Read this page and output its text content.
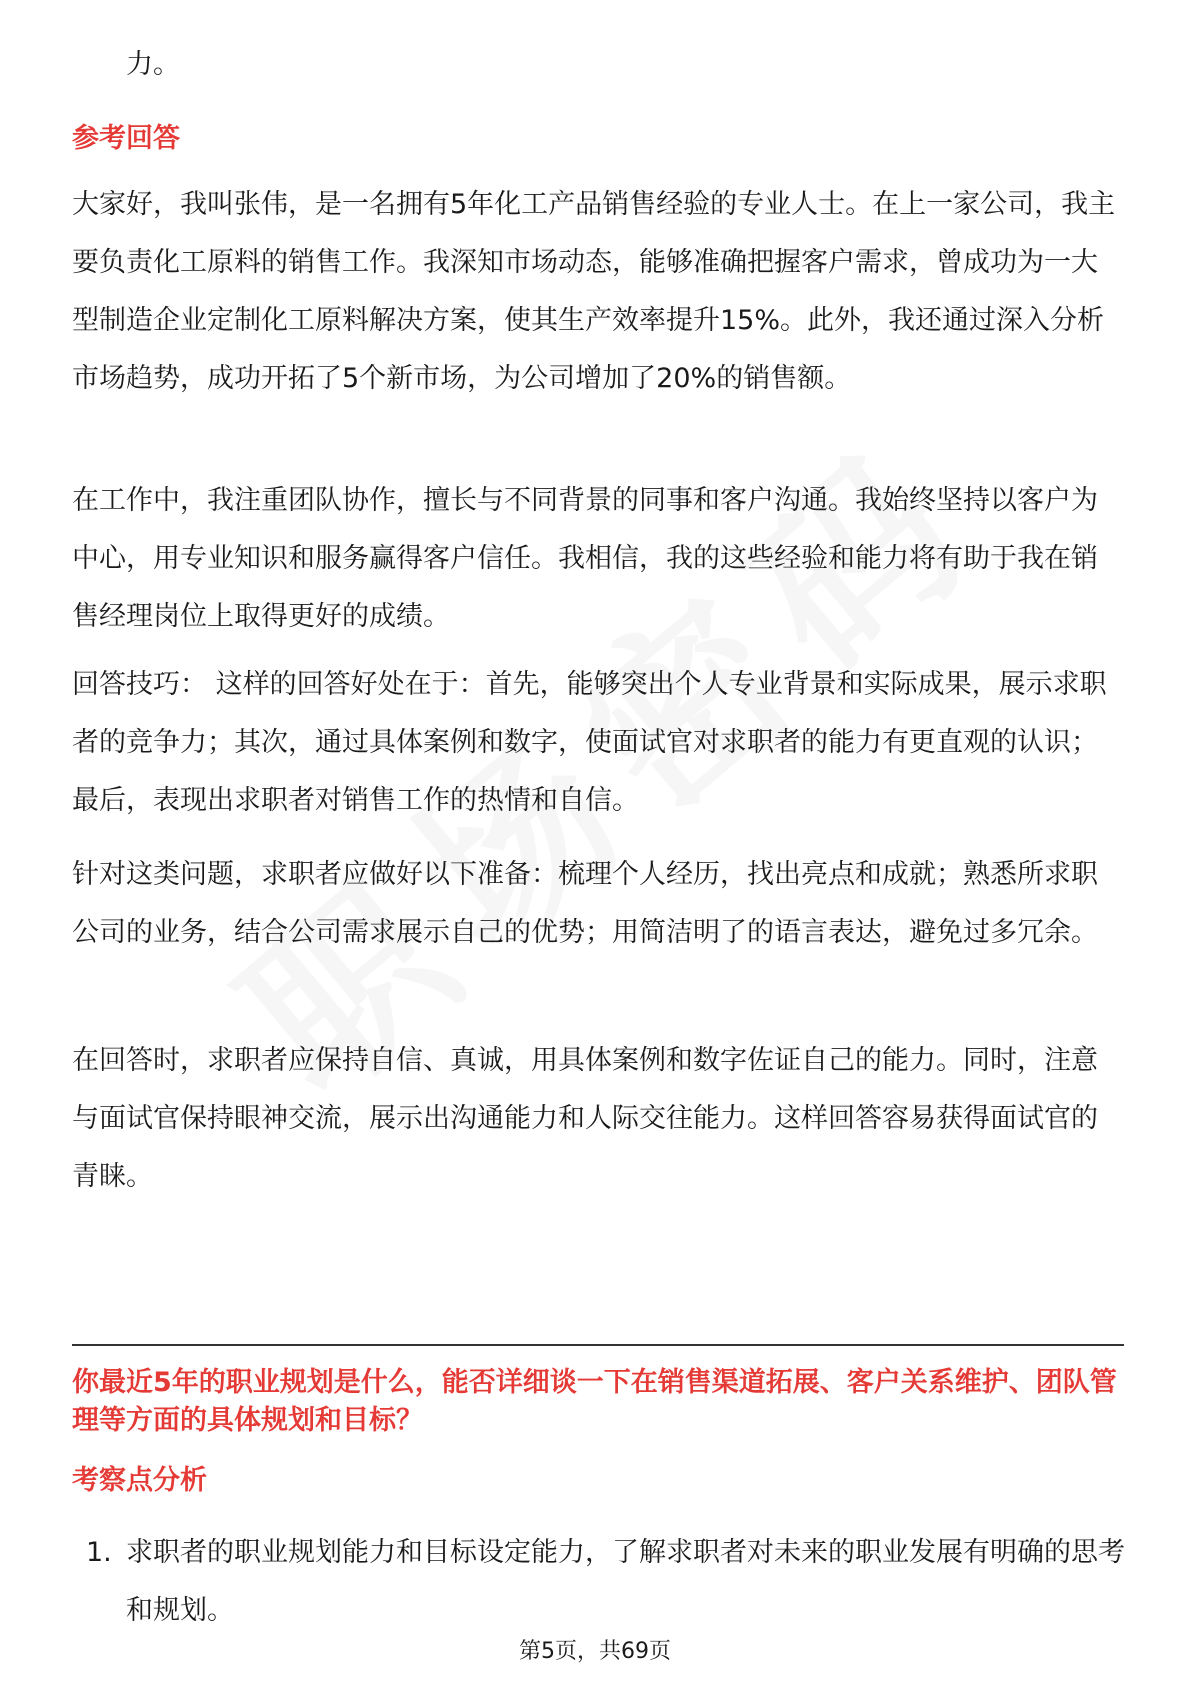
力。

参考回答

大家好，我叫张伟，是一名拥有5年化工产品销售经验的专业人士。在上一家公司，我主要负责化工原料的销售工作。我深知市场动态，能够准确把握客户需求，曾成功为一大型制造企业定制化工原料解决方案，使其生产效率提升15%。此外，我还通过深入分析市场趋势，成功开拓了5个新市场，为公司增加了20%的销售额。

在工作中，我注重团队协作，擅长与不同背景的同事和客户沟通。我始终坚持以客户为中心，用专业知识和服务赢得客户信任。我相信，我的这些经验和能力将有助于我在销售经理岗位上取得更好的成绩。

回答技巧： 这样的回答好处在于：首先，能够突出个人专业背景和实际成果，展示求职者的竞争力；其次，通过具体案例和数字，使面试官对求职者的能力有更直观的认识；最后，表现出求职者对销售工作的热情和自信。

针对这类问题，求职者应做好以下准备：梳理个人经历，找出亮点和成就；熟悉所求职公司的业务，结合公司需求展示自己的优势；用简洁明了的语言表达，避免过多冗余。

在回答时，求职者应保持自信、真诚，用具体案例和数字佐证自己的能力。同时，注意与面试官保持眼神交流，展示出沟通能力和人际交往能力。这样回答容易获得面试官的青睐。

你最近5年的职业规划是什么，能否详细谈一下在销售渠道拓展、客户关系维护、团队管理等方面的具体规划和目标？

考察点分析

1. 求职者的职业规划能力和目标设定能力，了解求职者对未来的职业发展有明确的思考和规划。

第5页，共69页
